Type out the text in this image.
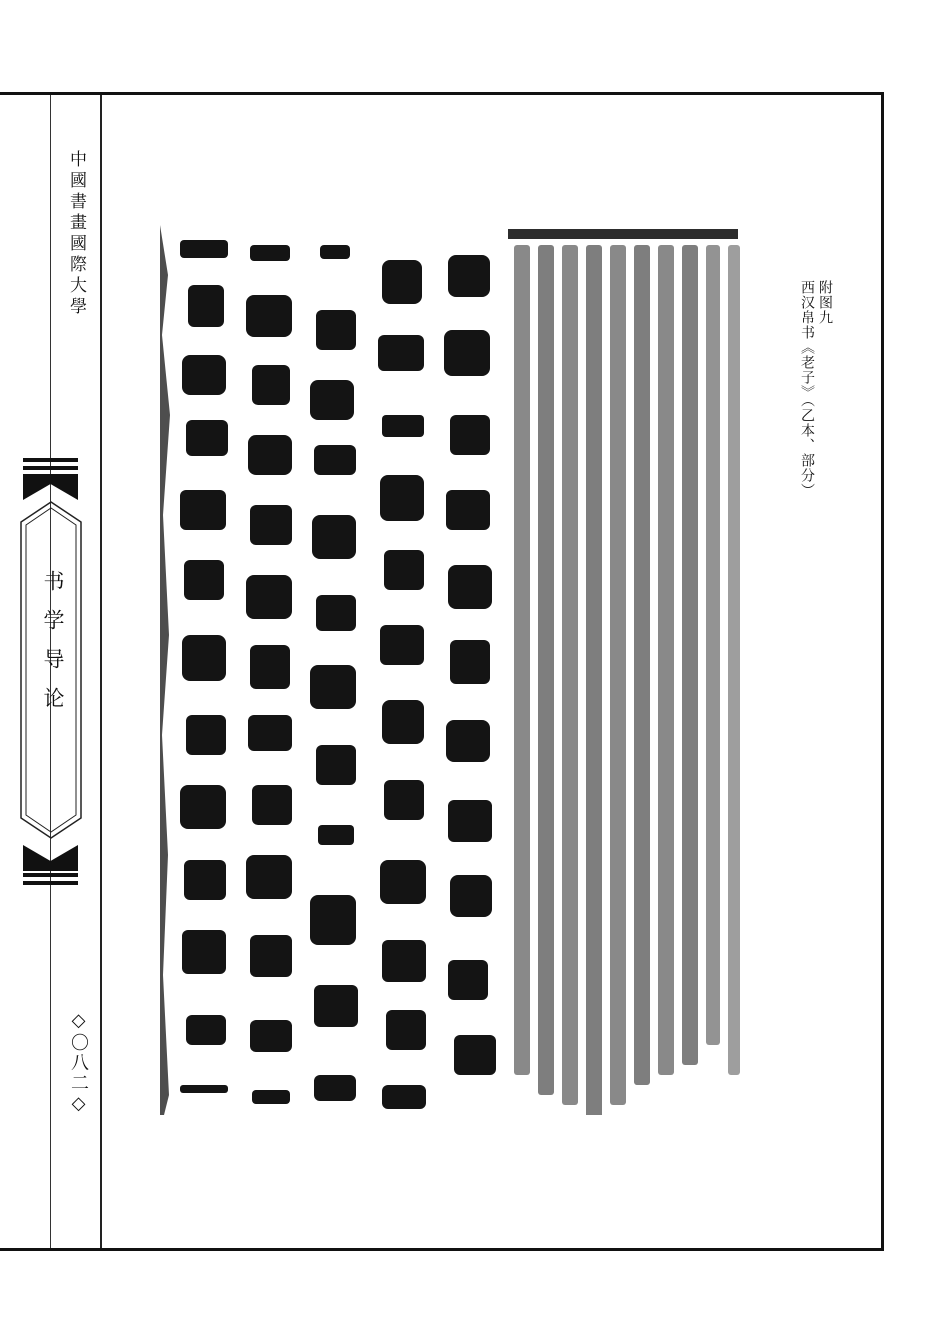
中國書畫國際大學
书学导论
◇〇八二◇
附图九
西汉帛书《老子》（乙本、部分）
